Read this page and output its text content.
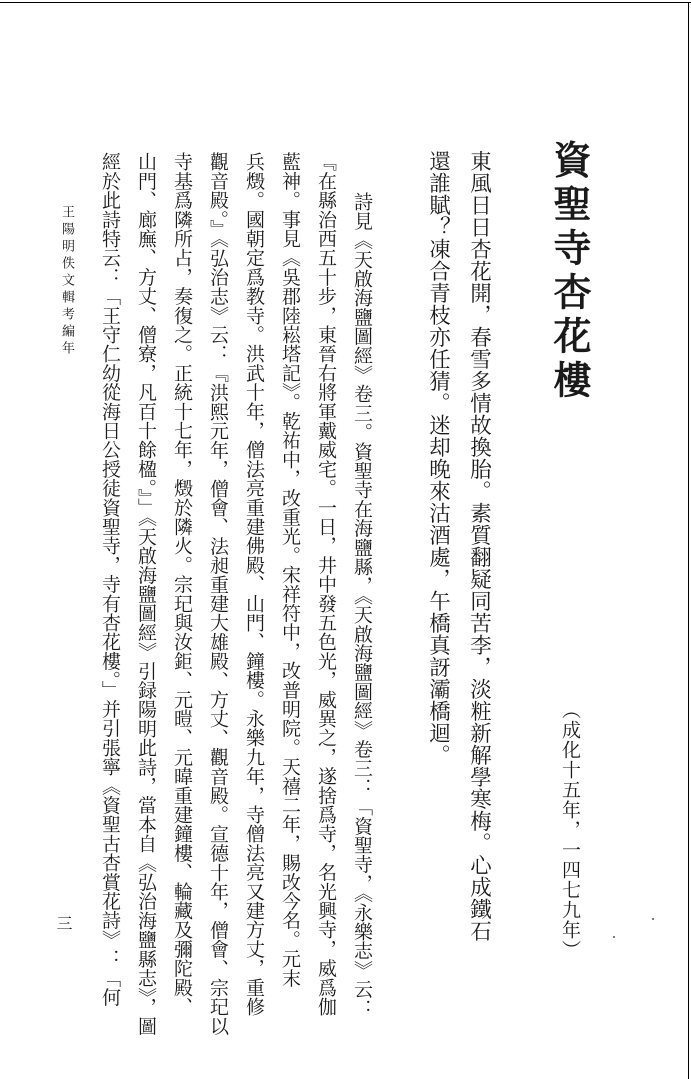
資聖寺杏花樓
（成化十五年，一四七九年）
東風日日杏花開，春雪多情故換胎。素質翻疑同苦李，淡粧新解學寒梅。心成鐵石
還誰賦？凍合青枝亦任猜。迷却晚來沽酒處，午橋真訝灞橋迴。
詩見《天啟海鹽圖經》卷三。資聖寺在海鹽縣，《天啟海鹽圖經》卷三：「資聖寺，《永樂志》云：
『在縣治西五十步，東晉右將軍戴威宅。一日，井中發五色光，威異之，遂捨爲寺，名光興寺，威爲伽
藍神。事見《吳郡陸崧塔記》。乾祐中，改重光。宋祥符中，改普明院。天禧二年，賜改今名。元末
兵燬。國朝定爲教寺。洪武十年，僧法亮重建佛殿、山門、鐘樓。永樂九年，寺僧法亮又建方丈，重修
觀音殿。』《弘治志》云：『洪熙元年，僧會、法昶重建大雄殿、方丈、觀音殿。宣德十年，僧會、宗玘以
寺基爲隣所占，奏復之。正統十七年，燬於隣火。宗玘與汝鉅、元暟、元暐重建鐘樓、輪藏及彌陀殿、
山門、廊廡、方丈、僧寮，凡百十餘楹。』」《天啟海鹽圖經》引録陽明此詩，當本自《弘治海鹽縣志》，圖
經於此詩特云：「王守仁幼從海日公授徒資聖寺，寺有杏花樓。」并引張寧《資聖古杏賞花詩》：「何
王陽明佚文輯考編年
三
